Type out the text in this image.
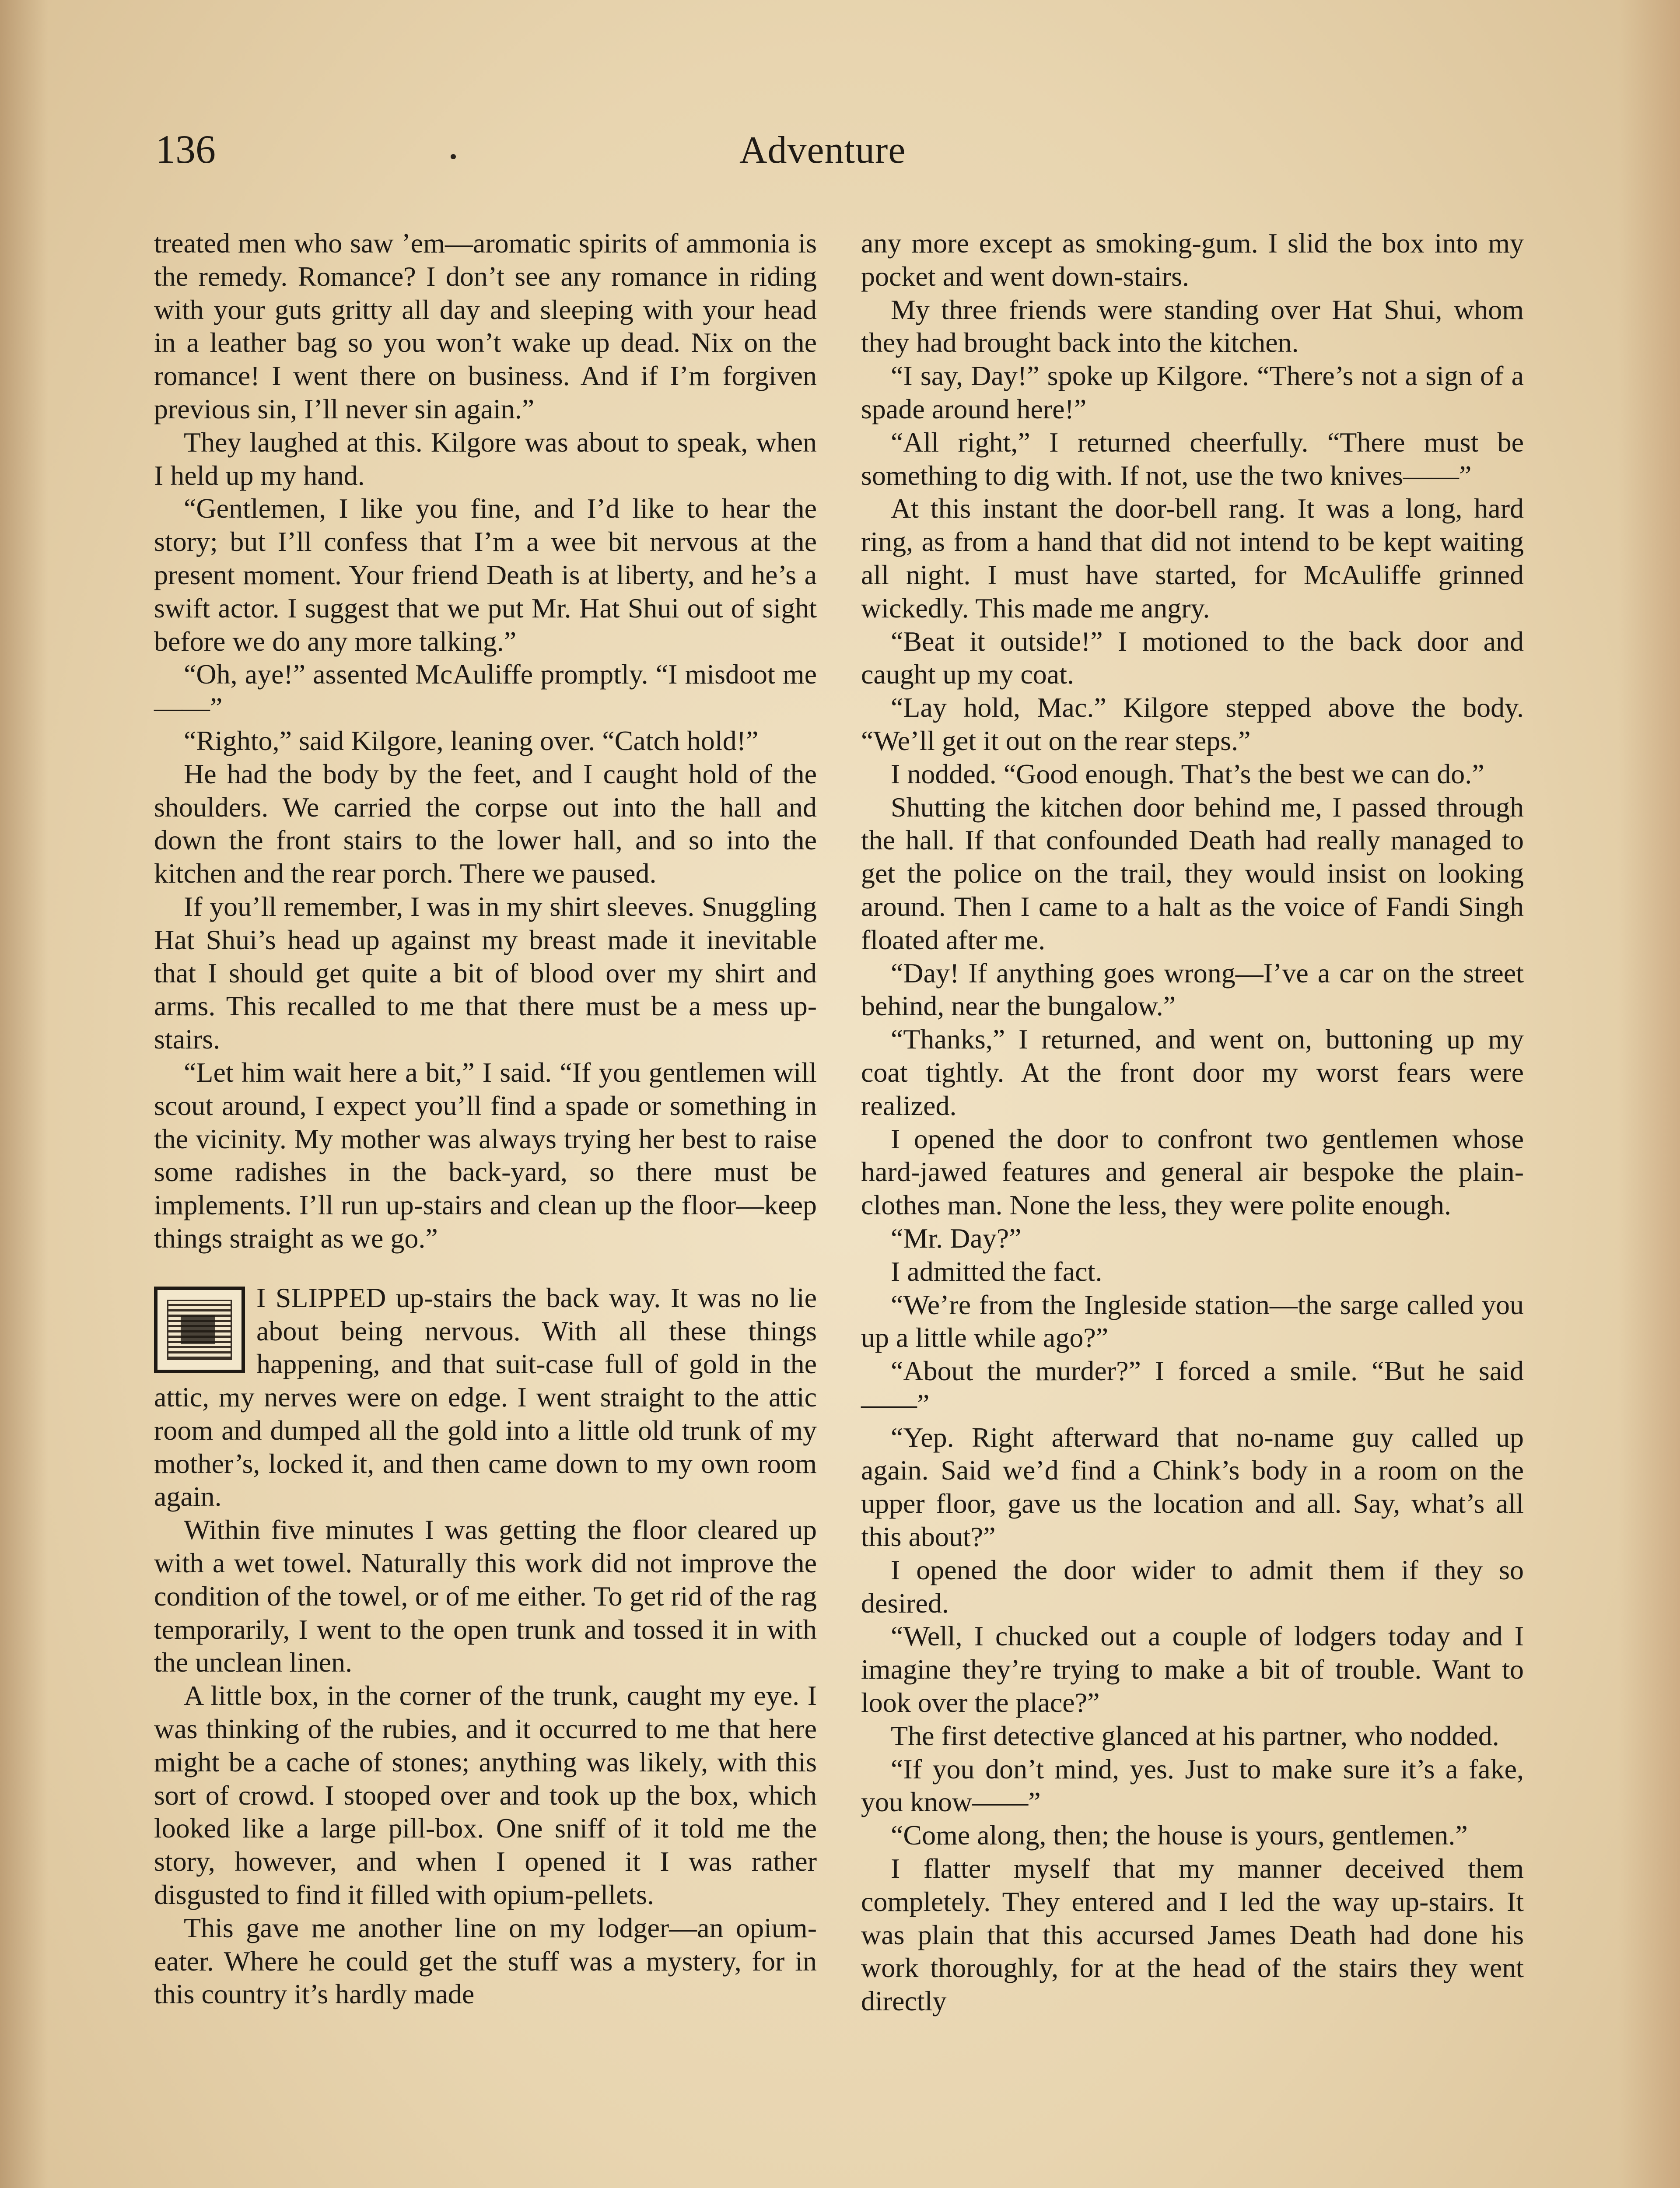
136	Adventure

treated men who saw ’em—aromatic spirits of ammonia is the remedy. Romance? I don’t see any romance in riding with your guts gritty all day and sleeping with your head in a leather bag so you won’t wake up dead. Nix on the romance! I went there on business. And if I’m forgiven previous sin, I’ll never sin again.”

They laughed at this. Kilgore was about to speak, when I held up my hand.

“Gentlemen, I like you fine, and I’d like to hear the story; but I’ll confess that I’m a wee bit nervous at the present moment. Your friend Death is at liberty, and he’s a swift actor. I suggest that we put Mr. Hat Shui out of sight before we do any more talking.”

“Oh, aye!” assented McAuliffe promptly. “I misdoot me——”

“Righto,” said Kilgore, leaning over. “Catch hold!”

He had the body by the feet, and I caught hold of the shoulders. We carried the corpse out into the hall and down the front stairs to the lower hall, and so into the kitchen and the rear porch. There we paused.

If you’ll remember, I was in my shirt sleeves. Snuggling Hat Shui’s head up against my breast made it inevitable that I should get quite a bit of blood over my shirt and arms. This recalled to me that there must be a mess up-stairs.

“Let him wait here a bit,” I said. “If you gentlemen will scout around, I expect you’ll find a spade or something in the vicinity. My mother was always trying her best to raise some radishes in the back-yard, so there must be implements. I’ll run up-stairs and clean up the floor—keep things straight as we go.”

I SLIPPED up-stairs the back way. It was no lie about being nervous. With all these things happening, and that suit-case full of gold in the attic, my nerves were on edge. I went straight to the attic room and dumped all the gold into a little old trunk of my mother’s, locked it, and then came down to my own room again.

Within five minutes I was getting the floor cleared up with a wet towel. Naturally this work did not improve the condition of the towel, or of me either. To get rid of the rag temporarily, I went to the open trunk and tossed it in with the unclean linen.

A little box, in the corner of the trunk, caught my eye. I was thinking of the rubies, and it occurred to me that here might be a cache of stones; anything was likely, with this sort of crowd. I stooped over and took up the box, which looked like a large pill-box. One sniff of it told me the story, however, and when I opened it I was rather disgusted to find it filled with opium-pellets.

This gave me another line on my lodger—an opium-eater. Where he could get the stuff was a mystery, for in this country it’s hardly made

any more except as smoking-gum. I slid the box into my pocket and went down-stairs.

My three friends were standing over Hat Shui, whom they had brought back into the kitchen.

“I say, Day!” spoke up Kilgore. “There’s not a sign of a spade around here!”

“All right,” I returned cheerfully. “There must be something to dig with. If not, use the two knives——”

At this instant the door-bell rang. It was a long, hard ring, as from a hand that did not intend to be kept waiting all night. I must have started, for McAuliffe grinned wickedly. This made me angry.

“Beat it outside!” I motioned to the back door and caught up my coat.

“Lay hold, Mac.” Kilgore stepped above the body. “We’ll get it out on the rear steps.”

I nodded. “Good enough. That’s the best we can do.”

Shutting the kitchen door behind me, I passed through the hall. If that confounded Death had really managed to get the police on the trail, they would insist on looking around. Then I came to a halt as the voice of Fandi Singh floated after me.

“Day! If anything goes wrong—I’ve a car on the street behind, near the bungalow.”

“Thanks,” I returned, and went on, buttoning up my coat tightly. At the front door my worst fears were realized.

I opened the door to confront two gentlemen whose hard-jawed features and general air bespoke the plain-clothes man. None the less, they were polite enough.

“Mr. Day?”

I admitted the fact.

“We’re from the Ingleside station—the sarge called you up a little while ago?”

“About the murder?” I forced a smile. “But he said——”

“Yep. Right afterward that no-name guy called up again. Said we’d find a Chink’s body in a room on the upper floor, gave us the location and all. Say, what’s all this about?”

I opened the door wider to admit them if they so desired.

“Well, I chucked out a couple of lodgers today and I imagine they’re trying to make a bit of trouble. Want to look over the place?”

The first detective glanced at his partner, who nodded.

“If you don’t mind, yes. Just to make sure it’s a fake, you know——”

“Come along, then; the house is yours, gentlemen.”

I flatter myself that my manner deceived them completely. They entered and I led the way up-stairs. It was plain that this accursed James Death had done his work thoroughly, for at the head of the stairs they went directly
